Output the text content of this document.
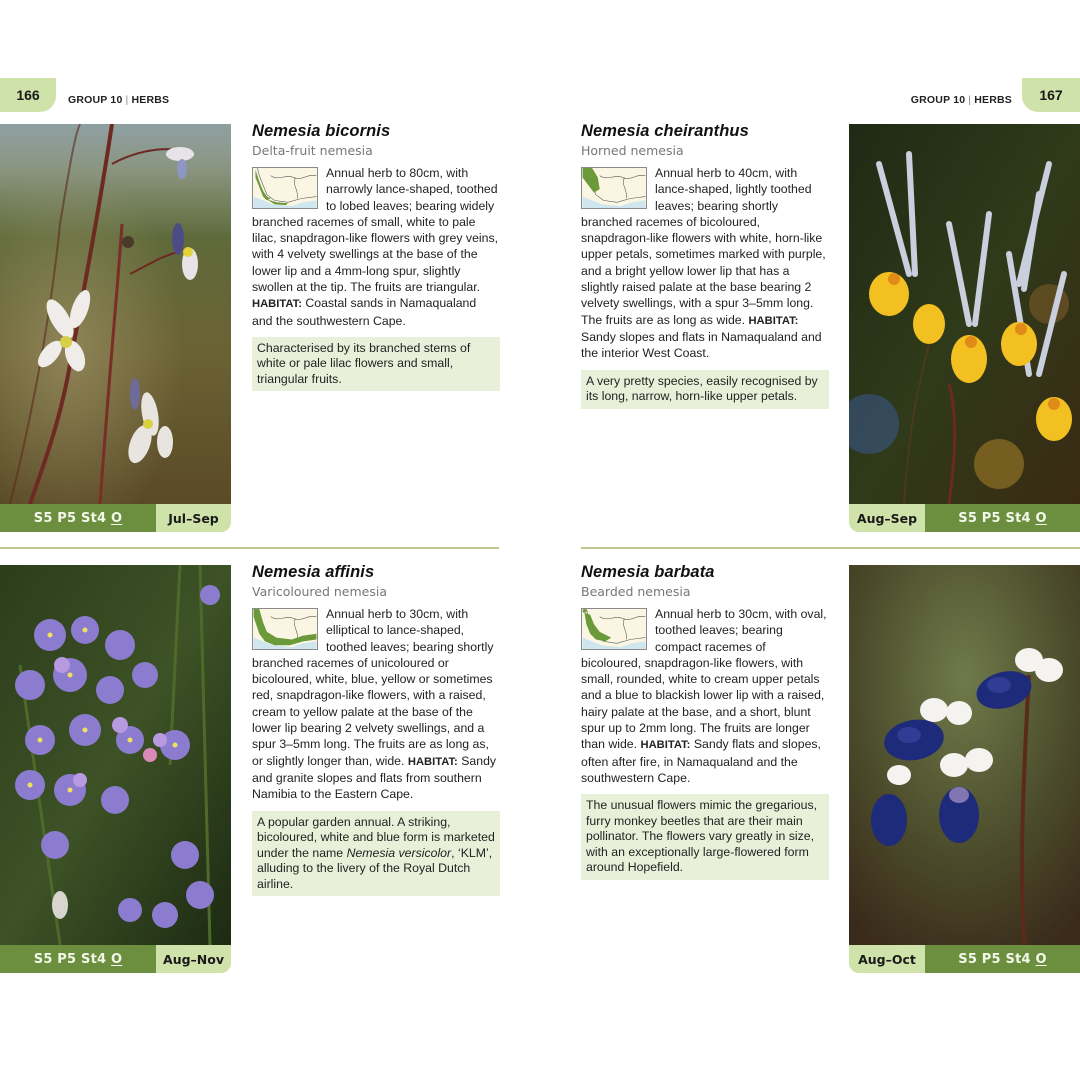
166	GROUP 10 | HERBS	GROUP 10 | HERBS	167
S5
P5
St4
O	Jul–Sep
Nemesia bicornis
Delta-fruit nemesia
Annual herb to 80cm, with narrowly lance-shaped, toothed to lobed leaves; bearing widely branched racemes of small, white to pale lilac, snapdragon-like flowers with grey veins, with 4 velvety swellings at the base of the lower lip and a 4mm-long spur, slightly swollen at the tip. The fruits are triangular. HABITAT: Coastal sands in Namaqualand and the southwestern Cape.
Characterised by its branched stems of white or pale lilac flowers and small, triangular fruits.
Nemesia cheiranthus
Horned nemesia
Annual herb to 40cm, with lance-shaped, lightly toothed leaves; bearing shortly branched racemes of bicoloured, snapdragon-like flowers with white, horn-like upper petals, sometimes marked with purple, and a bright yellow lower lip that has a slightly raised palate at the base bearing 2 velvety swellings, with a spur 3–5mm long. The fruits are as long as wide. HABITAT: Sandy slopes and flats in Namaqualand and the interior West Coast.
A very pretty species, easily recognised by its long, narrow, horn-like upper petals.
Aug–Sep	S5
P5
St4
O
S5
P5
St4
O	Aug–Nov
Nemesia affinis
Varicoloured nemesia
Annual herb to 30cm, with elliptical to lance-shaped, toothed leaves; bearing shortly branched racemes of unicoloured or bicoloured, white, blue, yellow or sometimes red, snapdragon-like flowers, with a raised, cream to yellow palate at the base of the lower lip bearing 2 velvety swellings, and a spur 3–5mm long. The fruits are as long as, or slightly longer than, wide. HABITAT: Sandy and granite slopes and flats from southern Namibia to the Eastern Cape.
A popular garden annual. A striking, bicoloured, white and blue form is marketed under the name Nemesia versicolor, ‘KLM’, alluding to the livery of the Royal Dutch airline.
Nemesia barbata
Bearded nemesia
Annual herb to 30cm, with oval, toothed leaves; bearing compact racemes of bicoloured, snapdragon-like flowers, with small, rounded, white to cream upper petals and a blue to blackish lower lip with a raised, hairy palate at the base, and a short, blunt spur up to 2mm long. The fruits are longer than wide. HABITAT: Sandy flats and slopes, often after fire, in Namaqualand and the southwestern Cape.
The unusual flowers mimic the gregarious, furry monkey beetles that are their main pollinator. The flowers vary greatly in size, with an exceptionally large-flowered form around Hopefield.
Aug–Oct	S5
P5
St4
O
